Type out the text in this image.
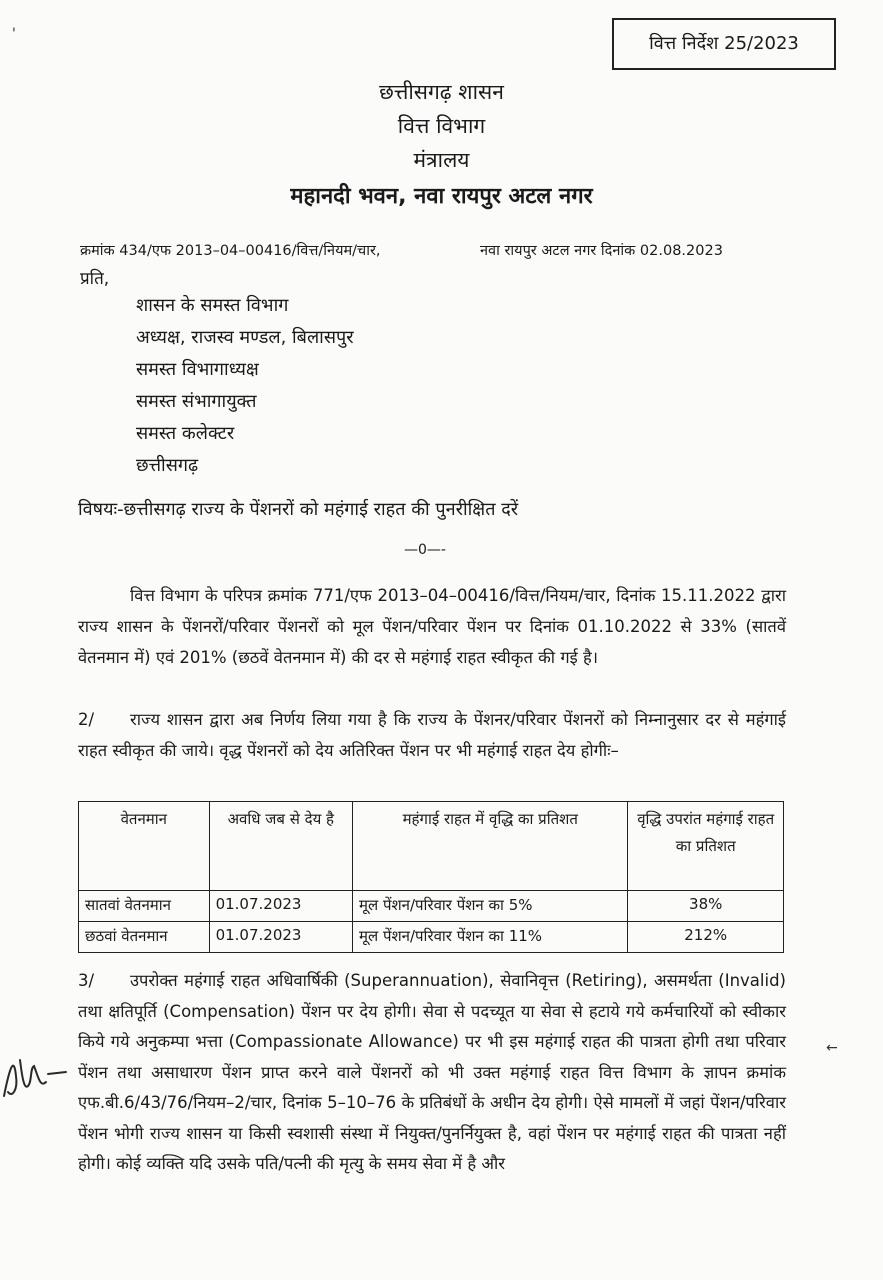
वित्त निर्देश 25/2023
छत्तीसगढ़ शासन
वित्त विभाग
मंत्रालय
महानदी भवन, नवा रायपुर अटल नगर
क्रमांक 434/एफ 2013–04–00416/वित्त/नियम/चार,	नवा रायपुर अटल नगर दिनांक 02.08.2023
प्रति,
शासन के समस्त विभाग
अध्यक्ष, राजस्व मण्डल, बिलासपुर
समस्त विभागाध्यक्ष
समस्त संभागायुक्त
समस्त कलेक्टर
छत्तीसगढ़
विषयः-छत्तीसगढ़ राज्य के पेंशनरों को महंगाई राहत की पुनरीक्षित दरें
—0—-
वित्त विभाग के परिपत्र क्रमांक 771/एफ 2013–04–00416/वित्त/नियम/चार, दिनांक 15.11.2022 द्वारा राज्य शासन के पेंशनरों/परिवार पेंशनरों को मूल पेंशन/परिवार पेंशन पर दिनांक 01.10.2022 से 33% (सातवें वेतनमान में) एवं 201% (छठवें वेतनमान में) की दर से महंगाई राहत स्वीकृत की गई है।
2/ राज्य शासन द्वारा अब निर्णय लिया गया है कि राज्य के पेंशनर/परिवार पेंशनरों को निम्नानुसार दर से महंगाई राहत स्वीकृत की जाये। वृद्ध पेंशनरों को देय अतिरिक्त पेंशन पर भी महंगाई राहत देय होगीः–
वेतनमान	अवधि जब से देय है	महंगाई राहत में वृद्धि का प्रतिशत	वृद्धि उपरांत महंगाई राहत का प्रतिशत
सातवां वेतनमान	01.07.2023	मूल पेंशन/परिवार पेंशन का 5%	38%
छठवां वेतनमान	01.07.2023	मूल पेंशन/परिवार पेंशन का 11%	212%
3/ उपरोक्त महंगाई राहत अधिवार्षिकी (Superannuation), सेवानिवृत्त (Retiring), असमर्थता (Invalid) तथा क्षतिपूर्ति (Compensation) पेंशन पर देय होगी। सेवा से पदच्यूत या सेवा से हटाये गये कर्मचारियों को स्वीकार किये गये अनुकम्पा भत्ता (Compassionate Allowance) पर भी इस महंगाई राहत की पात्रता होगी तथा परिवार पेंशन तथा असाधारण पेंशन प्राप्त करने वाले पेंशनरों को भी उक्त महंगाई राहत वित्त विभाग के ज्ञापन क्रमांक एफ.बी.6/43/76/नियम–2/चार, दिनांक 5–10–76 के प्रतिबंधों के अधीन देय होगी। ऐसे मामलों में जहां पेंशन/परिवार पेंशन भोगी राज्य शासन या किसी स्वशासी संस्था में नियुक्त/पुनर्नियुक्त है, वहां पेंशन पर महंगाई राहत की पात्रता नहीं होगी। कोई व्यक्ति यदि उसके पति/पत्नी की मृत्यु के समय सेवा में है और
'
←
